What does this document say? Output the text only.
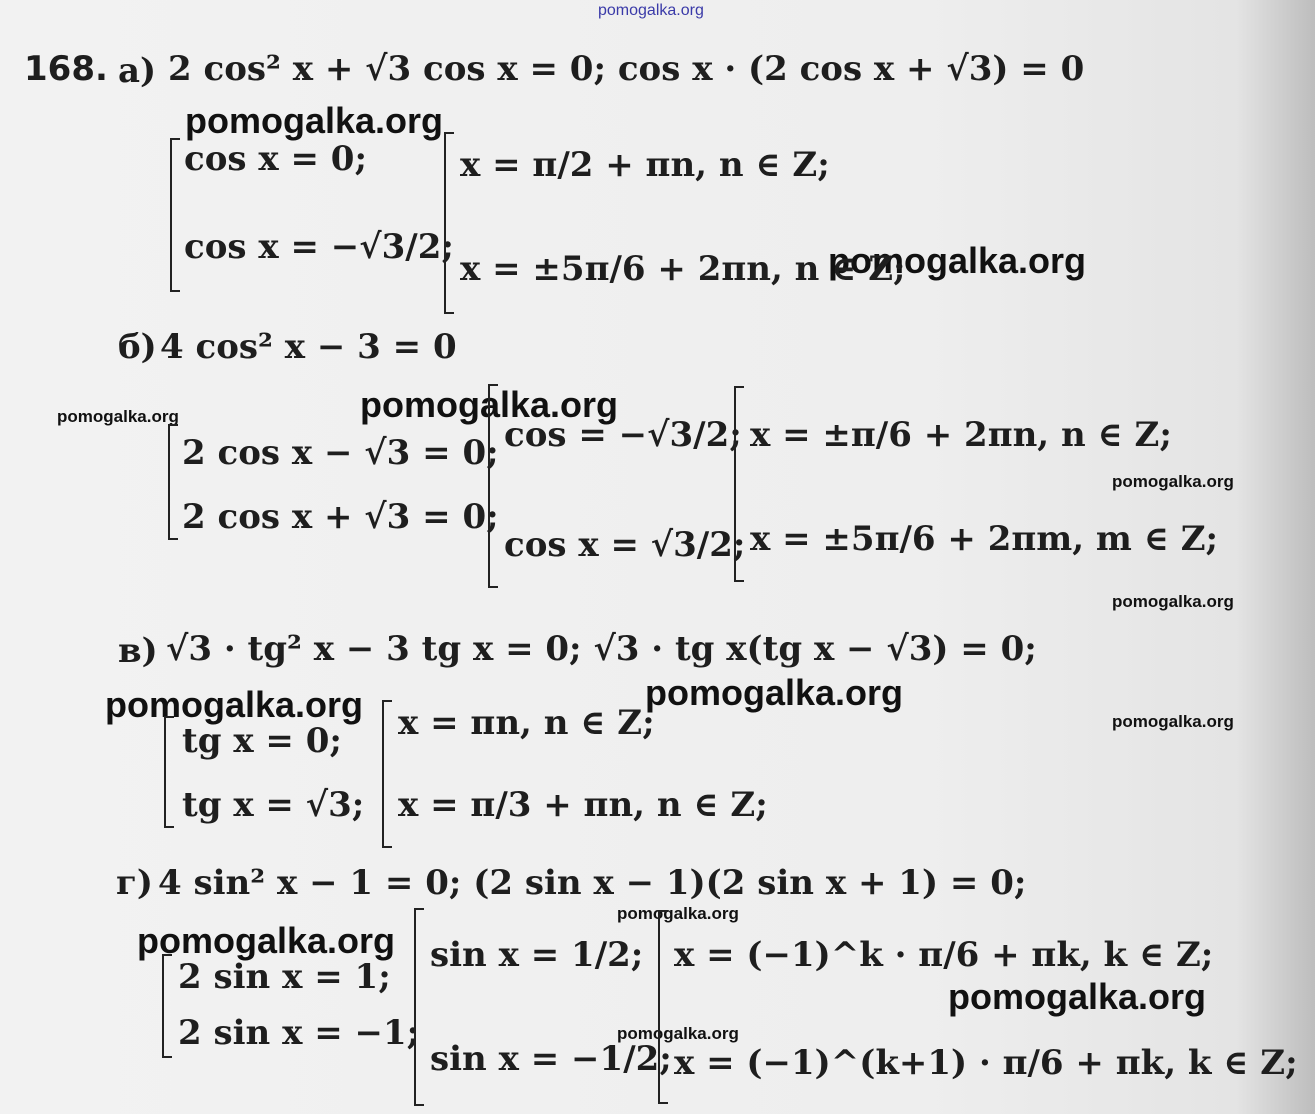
pomogalka.org
pomogalka.org
pomogalka.org
pomogalka.org	pomogalka.org
pomogalka.org
pomogalka.org
pomogalka.org
pomogalka.org	pomogalka.org
pomogalka.org
pomogalka.org
pomogalka.org
pomogalka.org
168. а) 2 cos² x + √3 cos x = 0; cos x · (2 cos x + √3) = 0
cos x = 0;
cos x = −√3/2;
x = π/2 + πn, n ∈ Z;
x = ±5π/6 + 2πn, n ∈ Z;
б) 4 cos² x − 3 = 0
2 cos x − √3 = 0;
2 cos x + √3 = 0;
cos = −√3/2;
cos x = √3/2;
x = ±π/6 + 2πn, n ∈ Z;
x = ±5π/6 + 2πm, m ∈ Z;
в) √3 · tg² x − 3 tg x = 0; √3 · tg x(tg x − √3) = 0;
tg x = 0;
tg x = √3;
x = πn, n ∈ Z;
x = π/3 + πn, n ∈ Z;
г) 4 sin² x − 1 = 0; (2 sin x − 1)(2 sin x + 1) = 0;
2 sin x = 1;
2 sin x = −1;
sin x = 1/2;
sin x = −1/2;
x = (−1)^k · π/6 + πk, k ∈ Z;
x = (−1)^(k+1) · π/6 + πk, k ∈ Z;
